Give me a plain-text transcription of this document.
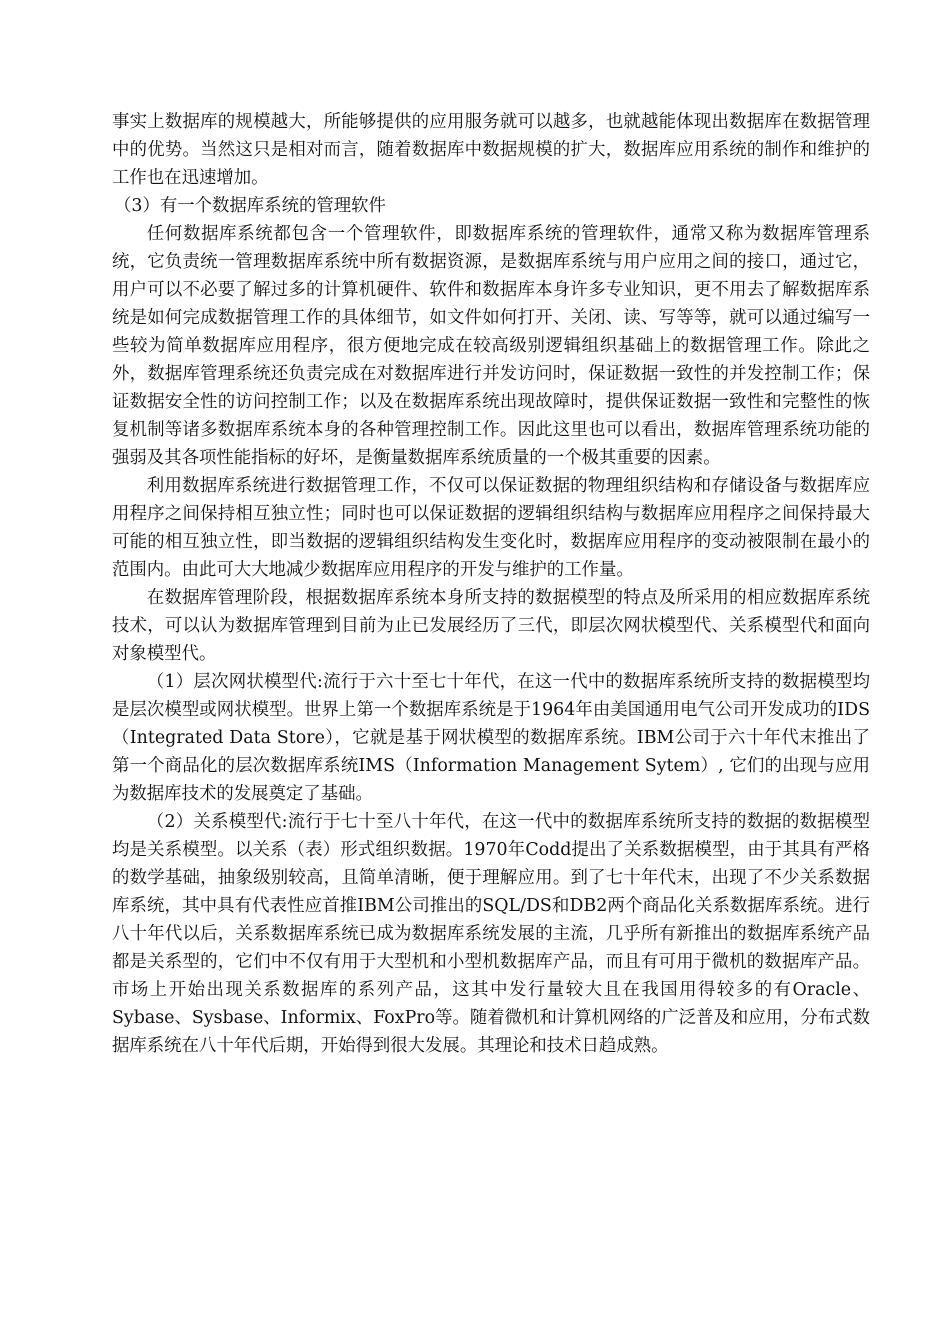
事实上数据库的规模越大，所能够提供的应用服务就可以越多，也就越能体现出数据库在数据管理中的优势。当然这只是相对而言，随着数据库中数据规模的扩大，数据库应用系统的制作和维护的工作也在迅速增加。

（3）有一个数据库系统的管理软件

任何数据库系统都包含一个管理软件，即数据库系统的管理软件，通常又称为数据库管理系统，它负责统一管理数据库系统中所有数据资源，是数据库系统与用户应用之间的接口，通过它，用户可以不必要了解过多的计算机硬件、软件和数据库本身许多专业知识，更不用去了解数据库系统是如何完成数据管理工作的具体细节，如文件如何打开、关闭、读、写等等，就可以通过编写一些较为简单数据库应用程序，很方便地完成在较高级别逻辑组织基础上的数据管理工作。除此之外，数据库管理系统还负责完成在对数据库进行并发访问时，保证数据一致性的并发控制工作；保证数据安全性的访问控制工作；以及在数据库系统出现故障时，提供保证数据一致性和完整性的恢复机制等诸多数据库系统本身的各种管理控制工作。因此这里也可以看出，数据库管理系统功能的强弱及其各项性能指标的好坏，是衡量数据库系统质量的一个极其重要的因素。

利用数据库系统进行数据管理工作，不仅可以保证数据的物理组织结构和存储设备与数据库应用程序之间保持相互独立性；同时也可以保证数据的逻辑组织结构与数据库应用程序之间保持最大可能的相互独立性，即当数据的逻辑组织结构发生变化时，数据库应用程序的变动被限制在最小的范围内。由此可大大地减少数据库应用程序的开发与维护的工作量。

在数据库管理阶段，根据数据库系统本身所支持的数据模型的特点及所采用的相应数据库系统技术，可以认为数据库管理到目前为止已发展经历了三代，即层次网状模型代、关系模型代和面向对象模型代。

（1）层次网状模型代:流行于六十至七十年代，在这一代中的数据库系统所支持的数据模型均是层次模型或网状模型。世界上第一个数据库系统是于1964年由美国通用电气公司开发成功的IDS（Integrated Data Store），它就是基于网状模型的数据库系统。IBM公司于六十年代末推出了第一个商品化的层次数据库系统IMS（Information Management Sytem）, 它们的出现与应用为数据库技术的发展奠定了基础。

（2）关系模型代:流行于七十至八十年代，在这一代中的数据库系统所支持的数据的数据模型均是关系模型。以关系（表）形式组织数据。1970年Codd提出了关系数据模型，由于其具有严格的数学基础，抽象级别较高，且简单清晰，便于理解应用。到了七十年代末，出现了不少关系数据库系统，其中具有代表性应首推IBM公司推出的SQL/DS和DB2两个商品化关系数据库系统。进行八十年代以后，关系数据库系统已成为数据库系统发展的主流，几乎所有新推出的数据库系统产品都是关系型的，它们中不仅有用于大型机和小型机数据库产品，而且有可用于微机的数据库产品。市场上开始出现关系数据库的系列产品，这其中发行量较大且在我国用得较多的有Oracle、Sybase、Sysbase、Informix、FoxPro等。随着微机和计算机网络的广泛普及和应用，分布式数据库系统在八十年代后期，开始得到很大发展。其理论和技术日趋成熟。
